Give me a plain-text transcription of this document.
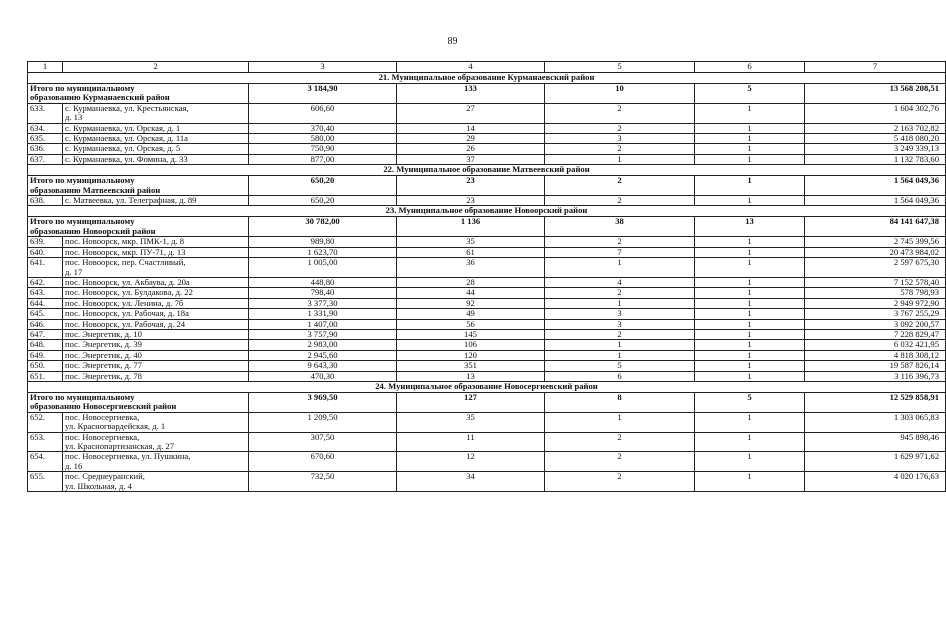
89
1	2	3	4	5	6	7
21. Муниципальное образование Курманаевский район						

Итого по муниципальному
образованию Курманаевский район		3 184,90	133	10	5	13 568 208,51
633.	с. Курманаевка, ул. Крестьянская,
д. 13	606,60	27	2	1	1 604 302,76
634.	с. Курманаевка, ул. Орская, д. 1	370,40	14	2	1	2 163 702,82
635.	с. Курманаевка, ул. Орская, д. 11а	580,00	29	3	1	5 418 080,20
636.	с. Курманаевка, ул. Орская, д. 5	750,90	26	2	1	3 249 339,13
637.	с. Курманаевка, ул. Фомина, д. 33	877,00	37	1	1	1 132 783,60
22. Муниципальное образование Матвеевский район						

Итого по муниципальному
образованию Матвеевский район		650,20	23	2	1	1 564 049,36
638.	с. Матвеевка, ул. Телеграфная, д. 89	650,20	23	2	1	1 564 049,36
23. Муниципальное образование Новоорский район						

Итого по муниципальному
образованию Новоорский район		30 782,00	1 136	38	13	84 141 647,38
639.	пос. Новоорск, мкр. ПМК-1, д. 8	989,80	35	2	1	2 745 399,56
640.	пос. Новоорск, мкр. ПУ-71, д. 13	1 623,70	61	7	1	20 473 984,02
641.	пос. Новоорск, пер. Счастливый,
д. 17	1 005,00	36	1	1	2 597 675,30
642.	пос. Новоорск, ул. Акбаува, д. 20а	448,80	28	4	1	7 152 578,40
643.	пос. Новоорск, ул. Булдакова, д. 22	798,40	44	2	1	578 798,93
644.	пос. Новоорск, ул. Ленина, д. 7б	3 377,30	92	1	1	2 949 972,90
645.	пос. Новоорск, ул. Рабочая, д. 18а	1 331,90	49	3	1	3 767 255,29
646.	пос. Новоорск, ул. Рабочая, д. 24	1 407,00	56	3	1	3 092 200,57
647.	пос. Энергетик, д. 10	3 757,90	145	2	1	7 228 829,47
648.	пос. Энергетик, д. 39	2 983,00	106	1	1	6 032 421,95
649.	пос. Энергетик, д. 40	2 945,60	120	1	1	4 818 308,12
650.	пос. Энергетик, д. 77	9 643,30	351	5	1	19 587 826,14
651.	пос. Энергетик, д. 78	470,30	13	6	1	3 116 396,73
24. Муниципальное образование Новосергиевский район						

Итого по муниципальному
образованию Новосергиевский район		3 969,50	127	8	5	12 529 858,91
652.	пос. Новосергиевка,
ул. Красногвардейская, д. 1	1 209,50	35	1	1	1 303 065,83
653.	пос. Новосергиевка,
ул. Краснопартизанская, д. 27	307,50	11	2	1	945 898,46
654.	пос. Новосергиевка, ул. Пушкина,
д. 16	670,60	12	2	1	1 629 971,62
655.	пос. Среднеуранский,
ул. Школьная, д. 4	732,50	34	2	1	4 020 176,63
